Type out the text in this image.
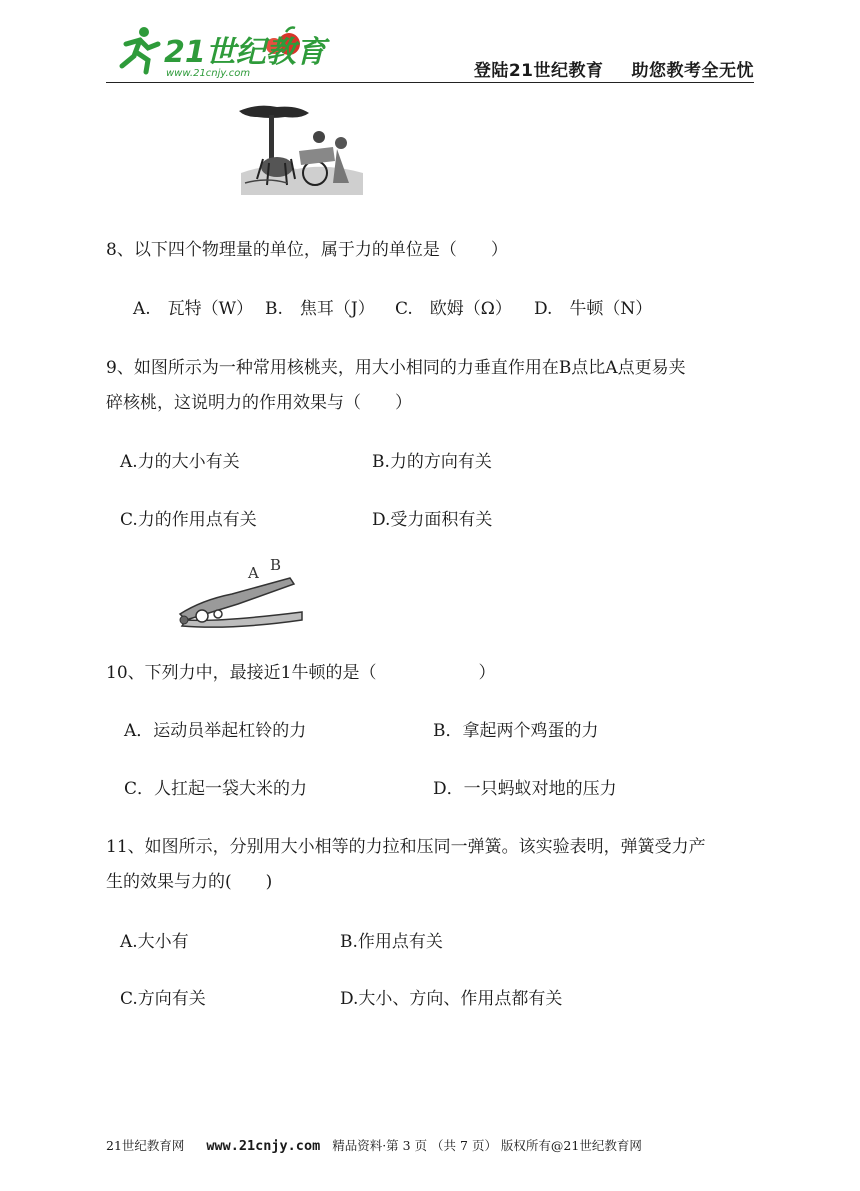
21世纪教育
www.21cnjy.com	登陆21世纪教育 助您教考全无忧
8、以下四个物理量的单位，属于力的单位是（　　）
A.　瓦特（W） B.　焦耳（J） C.　欧姆（Ω） D.　牛顿（N）
9、如图所示为一种常用核桃夹，用大小相同的力垂直作用在B点比A点更易夹
碎核桃，这说明力的作用效果与（　　）
A.力的大小有关	B.力的方向有关
C.力的作用点有关	D.受力面积有关
A B
10、下列力中，最接近1牛顿的是（　　　　　　）
A．运动员举起杠铃的力	B．拿起两个鸡蛋的力
C．人扛起一袋大米的力	D．一只蚂蚁对地的压力
11、如图所示，分别用大小相等的力拉和压同一弹簧。该实验表明，弹簧受力产
生的效果与力的(　　)
A.大小有	B.作用点有关
C.方向有关	D.大小、方向、作用点都有关
21世纪教育网 www.21cnjy.com 精品资料·第 3 页 （共 7 页） 版权所有@21世纪教育网
